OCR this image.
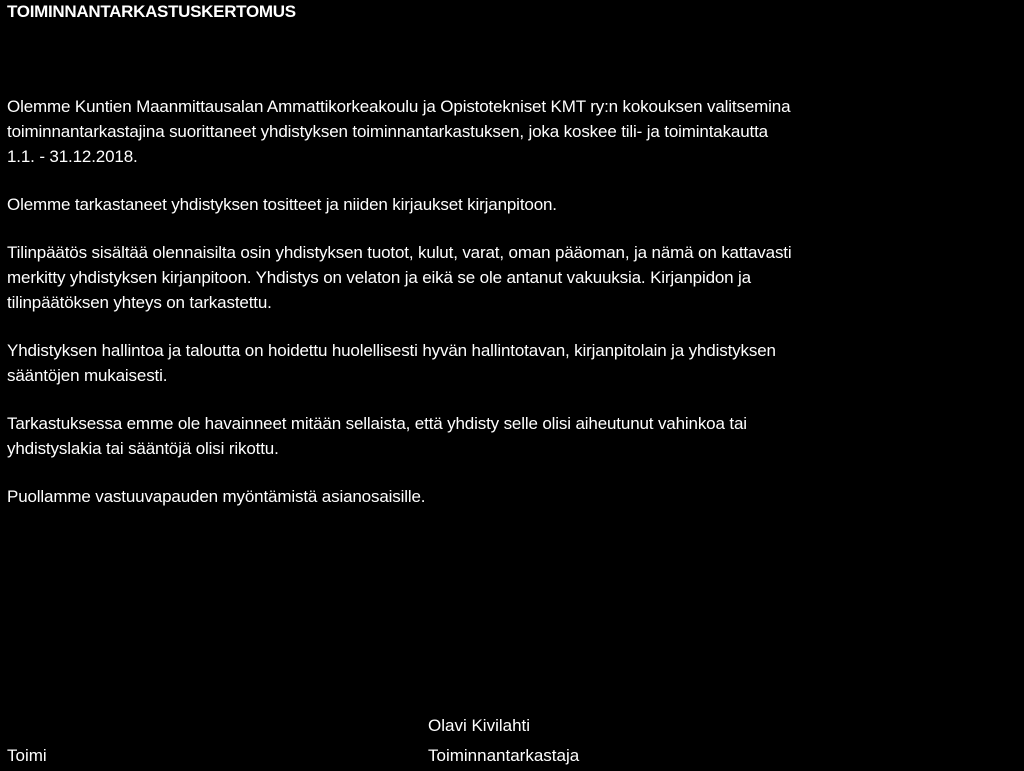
TOIMINNANTARKASTUSKERTOMUS
Olemme Kuntien Maanmittausalan Ammattikorkeakoulu ja Opistotekniset KMT ry:n kokouksen valitsemina
toiminnantarkastajina suorittaneet yhdistyksen toiminnantarkastuksen, joka koskee tili- ja toimintakautta
1.1. - 31.12.2018.
Olemme tarkastaneet yhdistyksen tositteet ja niiden kirjaukset kirjanpitoon.
Tilinpäätös sisältää olennaisilta osin yhdistyksen tuotot, kulut, varat, oman pääoman, ja nämä on kattavasti
merkitty yhdistyksen kirjanpitoon. Yhdistys on velaton ja eikä se ole antanut vakuuksia. Kirjanpidon ja
tilinpäätöksen yhteys on tarkastettu.
Yhdistyksen hallintoa ja taloutta on hoidettu huolellisesti hyvän hallintotavan, kirjanpitolain ja yhdistyksen
sääntöjen mukaisesti.
Tarkastuksessa emme ole havainneet mitään sellaista, että yhdisty selle olisi aiheutunut vahinkoa tai
yhdistyslakia tai sääntöjä olisi rikottu.
Puollamme vastuuvapauden myöntämistä asianosaisille.
Toimi
Olavi Kivilahti
Toiminnantarkastaja
